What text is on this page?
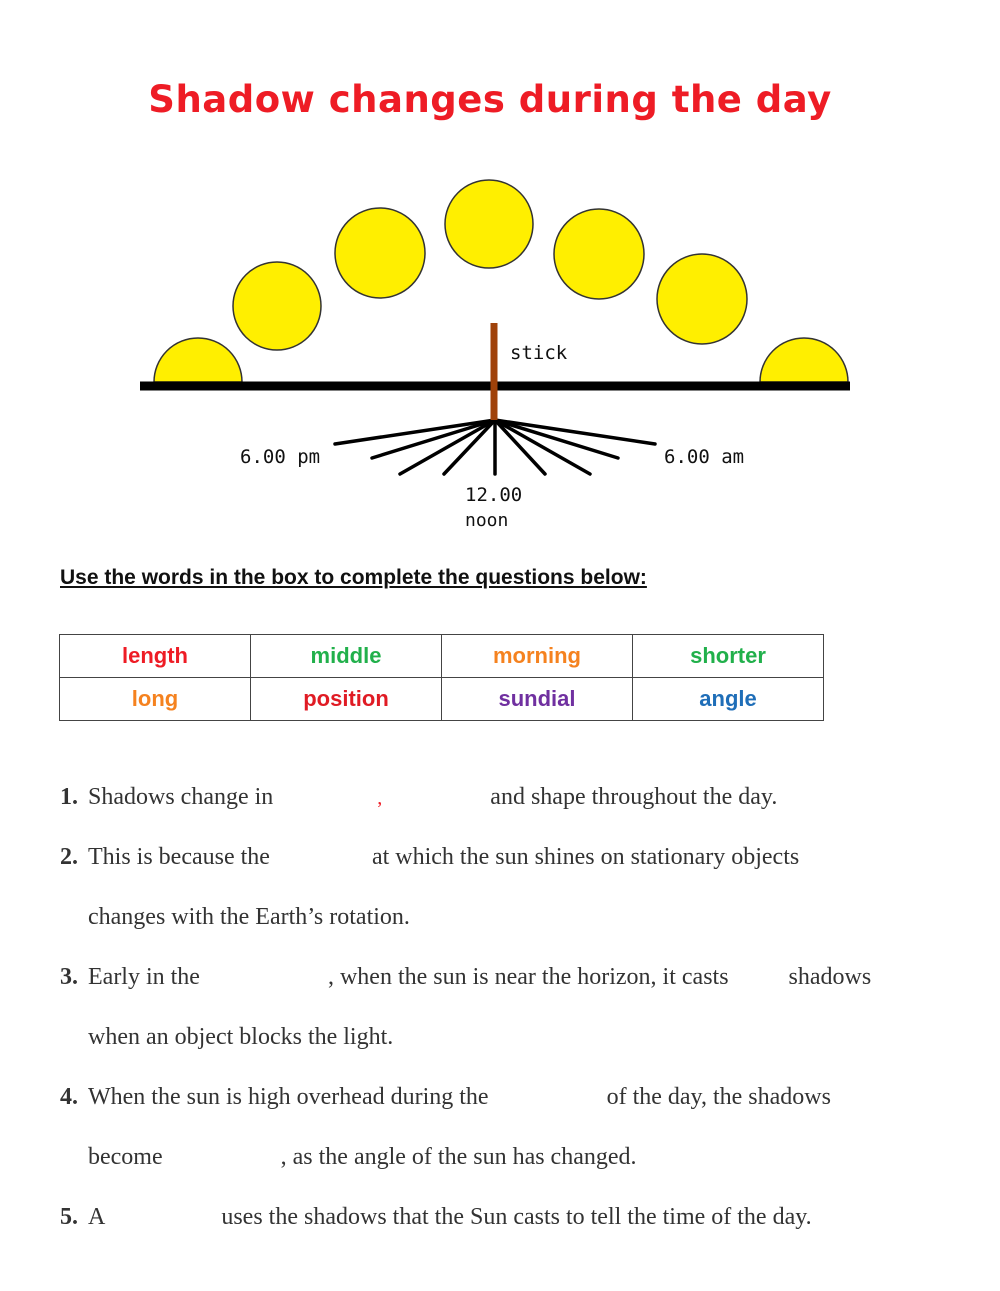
Shadow changes during the day
stick
6.00 pm	6.00 am
12.00
noon
Use the words in the box to complete the questions below:
length	middle	morning	shorter
long	position	sundial	angle
1. Shadows change in	,	and shape throughout the day.
2. This is because the	at which the sun shines on stationary objects
changes with the Earth’s rotation.
3. Early in the	, when the sun is near the horizon, it casts	shadows
when an object blocks the light.
4. When the sun is high overhead during the	of the day, the shadows
become	, as the angle of the sun has changed.
5. A	uses the shadows that the Sun casts to tell the time of the day.
